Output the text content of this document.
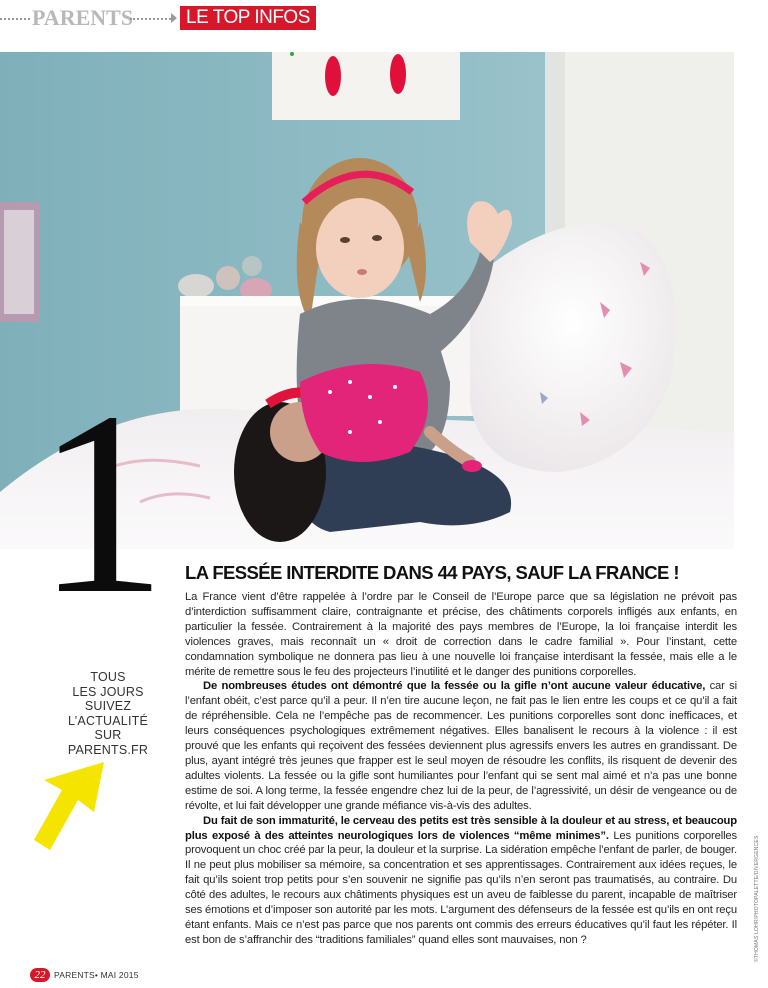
PARENTS	LE TOP INFOS
1 LA FESSÉE INTERDITE DANS 44 PAYS, SAUF LA FRANCE !

La France vient d’être rappelée à l’ordre par le Conseil de l’Europe parce que sa législation ne prévoit pas d’interdiction suffisamment claire, contraignante et précise, des châtiments corporels infligés aux enfants, en particulier la fessée. Contrairement à la majorité des pays membres de l’Europe, la loi française interdit les violences graves, mais reconnaît un « droit de correction dans le cadre familial ». Pour l’instant, cette condamnation symbolique ne donnera pas lieu à une nouvelle loi française interdisant la fessée, mais elle a le mérite de remettre sous le feu des projecteurs l’inutilité et le danger des punitions corporelles.

De nombreuses études ont démontré que la fessée ou la gifle n’ont aucune valeur éducative, car si l’enfant obéit, c’est parce qu’il a peur. Il n’en tire aucune leçon, ne fait pas le lien entre les coups et ce qu’il a fait de répréhensible. Cela ne l’empêche pas de recommencer. Les punitions corporelles sont donc inefficaces, et leurs conséquences psychologiques extrêmement négatives. Elles banalisent le recours à la violence : il est prouvé que les enfants qui reçoivent des fessées deviennent plus agressifs envers les autres en grandissant. De plus, ayant intégré très jeunes que frapper est le seul moyen de résoudre les conflits, ils risquent de devenir des adultes violents. La fessée ou la gifle sont humiliantes pour l’enfant qui se sent mal aimé et n’a pas une bonne estime de soi. A long terme, la fessée engendre chez lui de la peur, de l’agressivité, un désir de vengeance ou de révolte, et lui fait développer une grande méfiance vis-à-vis des adultes.

Du fait de son immaturité, le cerveau des petits est très sensible à la douleur et au stress, et beaucoup plus exposé à des atteintes neurologiques lors de violences “même minimes”. Les punitions corporelles provoquent un choc créé par la peur, la douleur et la surprise. La sidération empêche l’enfant de parler, de bouger. Il ne peut plus mobiliser sa mémoire, sa concentration et ses apprentissages. Contrairement aux idées reçues, le fait qu’ils soient trop petits pour s’en souvenir ne signifie pas qu’ils n’en seront pas traumatisés, au contraire. Du côté des adultes, le recours aux châtiments physiques est un aveu de faiblesse du parent, incapable de maîtriser ses émotions et d’imposer son autorité par les mots. L’argument des défenseurs de la fessée est qu’ils en ont reçu étant enfants. Mais ce n’est pas parce que nos parents ont commis des erreurs éducatives qu’il faut les répéter. Il est bon de s’affranchir des “traditions familiales” quand elles sont mauvaises, non ?

TOUS
LES JOURS
SUIVEZ
L’ACTUALITÉ
SUR
PARENTS.FR
©THOMAS LOHR/PHOTOPALETTE/DIVERGENCES
22	PARENTS• MAI 2015
